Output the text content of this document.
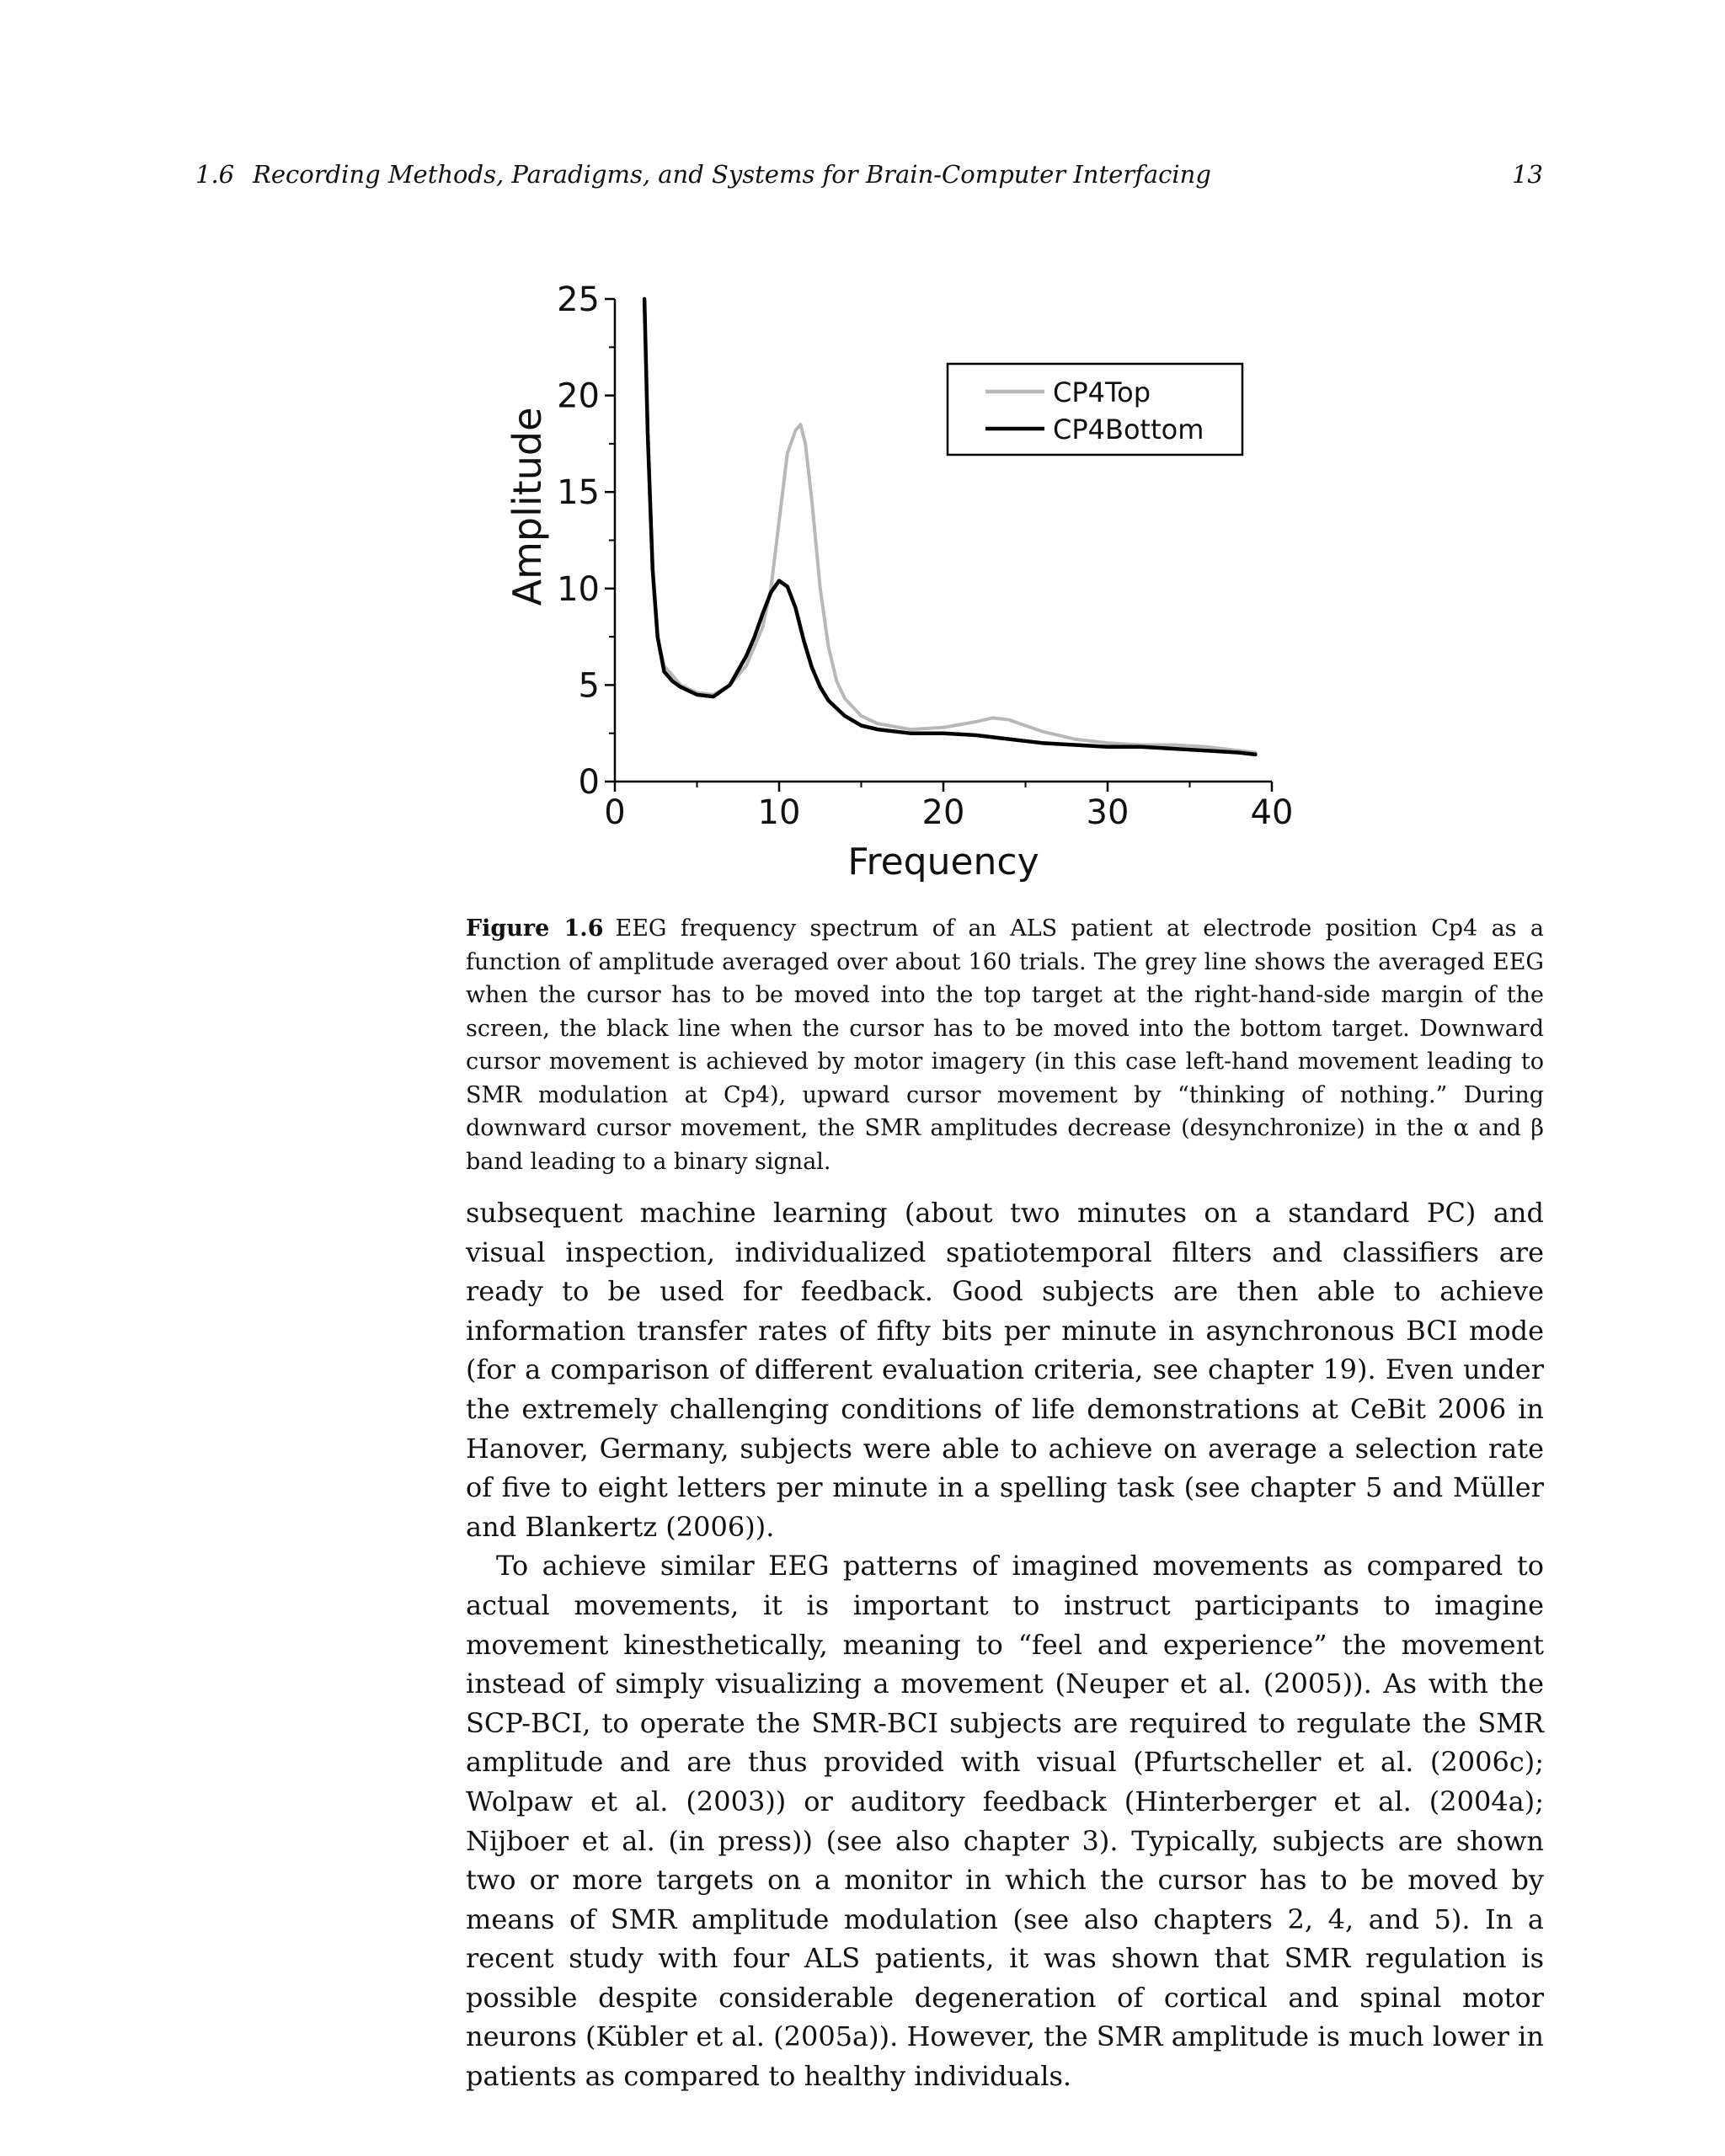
1.6 Recording Methods, Paradigms, and Systems for Brain-Computer Interfacing	13
0	10	20	30	40
0
5
10
15
20
25
Frequency
Amplitude
CP4Top
CP4Bottom
Figure 1.6 EEG frequency spectrum of an ALS patient at electrode position Cp4 as a function of amplitude averaged over about 160 trials. The grey line shows the averaged EEG when the cursor has to be moved into the top target at the right-hand-side margin of the screen, the black line when the cursor has to be moved into the bottom target. Downward cursor movement is achieved by motor imagery (in this case left-hand movement leading to SMR modulation at Cp4), upward cursor movement by “thinking of nothing.” During downward cursor movement, the SMR amplitudes decrease (desynchronize) in the α and β band leading to a binary signal.

subsequent machine learning (about two minutes on a standard PC) and visual inspection, individualized spatiotemporal filters and classifiers are ready to be used for feedback. Good subjects are then able to achieve information transfer rates of fifty bits per minute in asynchronous BCI mode (for a comparison of different evaluation criteria, see chapter 19). Even under the extremely challenging conditions of life demonstrations at CeBit 2006 in Hanover, Germany, subjects were able to achieve on average a selection rate of five to eight letters per minute in a spelling task (see chapter 5 and Müller and Blankertz (2006)).

To achieve similar EEG patterns of imagined movements as compared to actual movements, it is important to instruct participants to imagine movement kinesthetically, meaning to “feel and experience” the movement instead of simply visualizing a movement (Neuper et al. (2005)). As with the SCP-BCI, to operate the SMR-BCI subjects are required to regulate the SMR amplitude and are thus provided with visual (Pfurtscheller et al. (2006c); Wolpaw et al. (2003)) or auditory feedback (Hinterberger et al. (2004a); Nijboer et al. (in press)) (see also chapter 3). Typically, subjects are shown two or more targets on a monitor in which the cursor has to be moved by means of SMR amplitude modulation (see also chapters 2, 4, and 5). In a recent study with four ALS patients, it was shown that SMR regulation is possible despite considerable degeneration of cortical and spinal motor neurons (Kübler et al. (2005a)). However, the SMR amplitude is much lower in patients as compared to healthy individuals.
